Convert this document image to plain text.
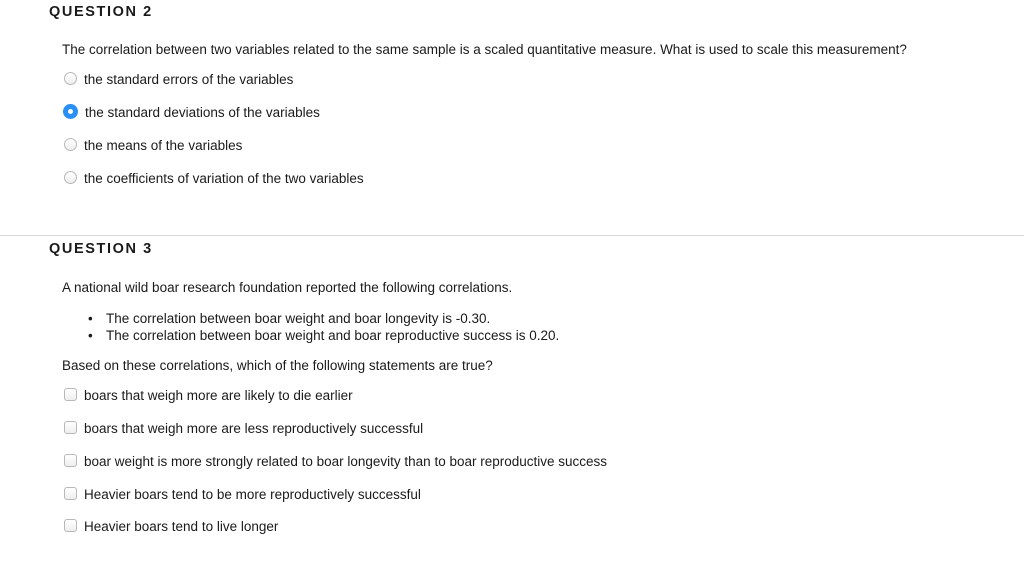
QUESTION 2
The correlation between two variables related to the same sample is a scaled quantitative measure. What is used to scale this measurement?
the standard errors of the variables
the standard deviations of the variables
the means of the variables
the coefficients of variation of the two variables
QUESTION 3
A national wild boar research foundation reported the following correlations.
• The correlation between boar weight and boar longevity is -0.30.
• The correlation between boar weight and boar reproductive success is 0.20.
Based on these correlations, which of the following statements are true?
boars that weigh more are likely to die earlier
boars that weigh more are less reproductively successful
boar weight is more strongly related to boar longevity than to boar reproductive success
Heavier boars tend to be more reproductively successful
Heavier boars tend to live longer
